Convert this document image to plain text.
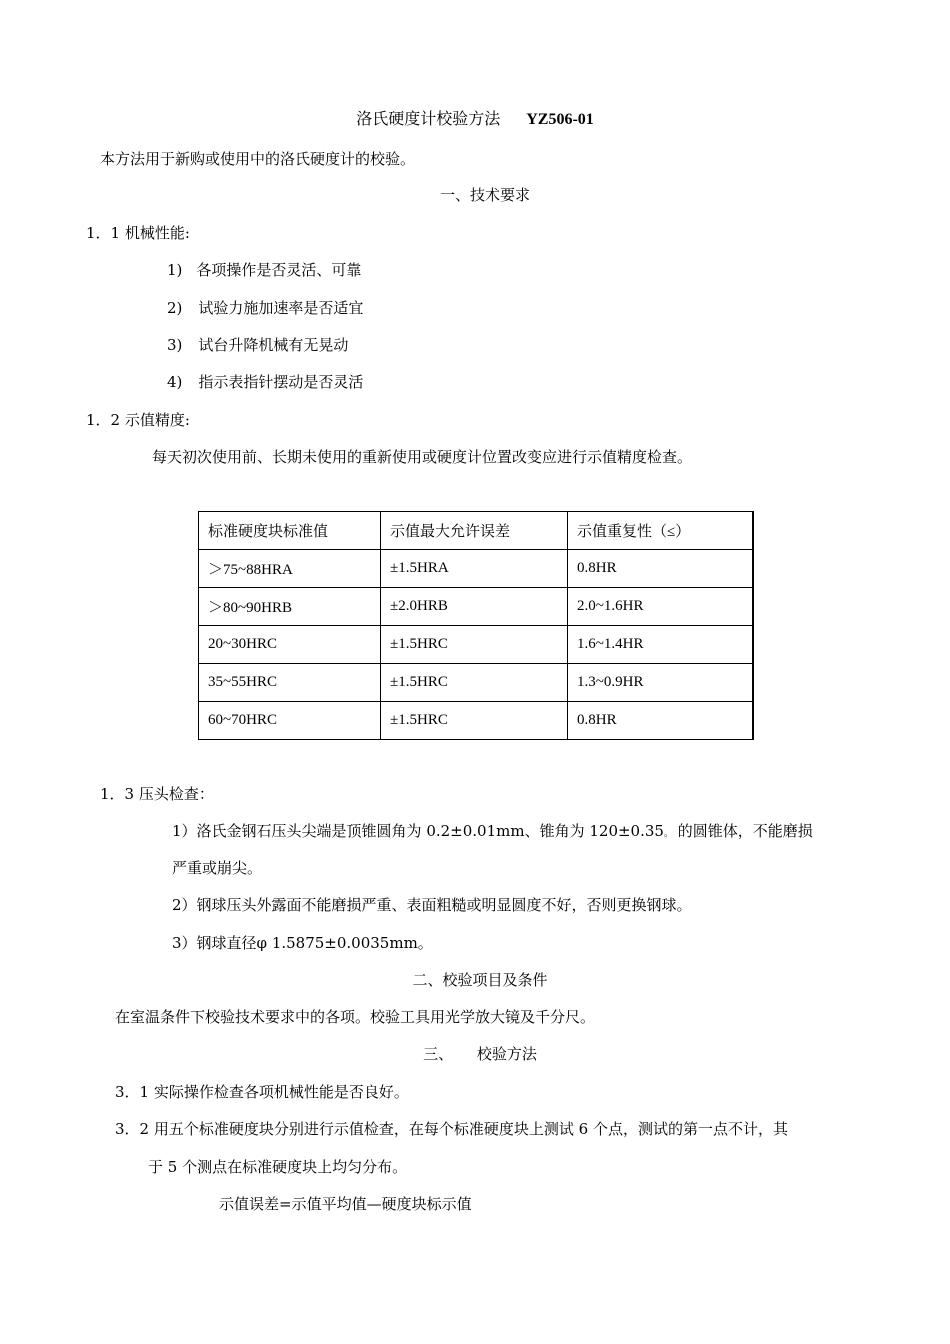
洛氏硬度计校验方法 YZ506-01
本方法用于新购或使用中的洛氏硬度计的校验。
一、技术要求
1．1 机械性能:
1) 各项操作是否灵活、可靠
2) 试验力施加速率是否适宜
3) 试台升降机械有无晃动
4) 指示表指针摆动是否灵活
1．2 示值精度:
每天初次使用前、长期未使用的重新使用或硬度计位置改变应进行示值精度检查。
标准硬度块标准值	示值最大允许误差	示值重复性（≤）
＞75~88HRA	±1.5HRA	0.8HR
＞80~90HRB	±2.0HRB	2.0~1.6HR
20~30HRC	±1.5HRC	1.6~1.4HR
35~55HRC	±1.5HRC	1.3~0.9HR
60~70HRC	±1.5HRC	0.8HR
1．3 压头检查：
1）洛氏金钢石压头尖端是顶锥圆角为 0.2±0.01mm、锥角为 120±0.35。 的圆锥体，不能磨损
严重或崩尖。
2）钢球压头外露面不能磨损严重、表面粗糙或明显圆度不好，否则更换钢球。
3）钢球直径φ 1.5875±0.0035mm。
二、校验项目及条件
在室温条件下校验技术要求中的各项。校验工具用光学放大镜及千分尺。
三、     校验方法
3．1 实际操作检查各项机械性能是否良好。
3．2 用五个标准硬度块分别进行示值检查，在每个标准硬度块上测试 6 个点，测试的第一点不计，其
于 5 个测点在标准硬度块上均匀分布。
示值误差=示值平均值—硬度块标示值
